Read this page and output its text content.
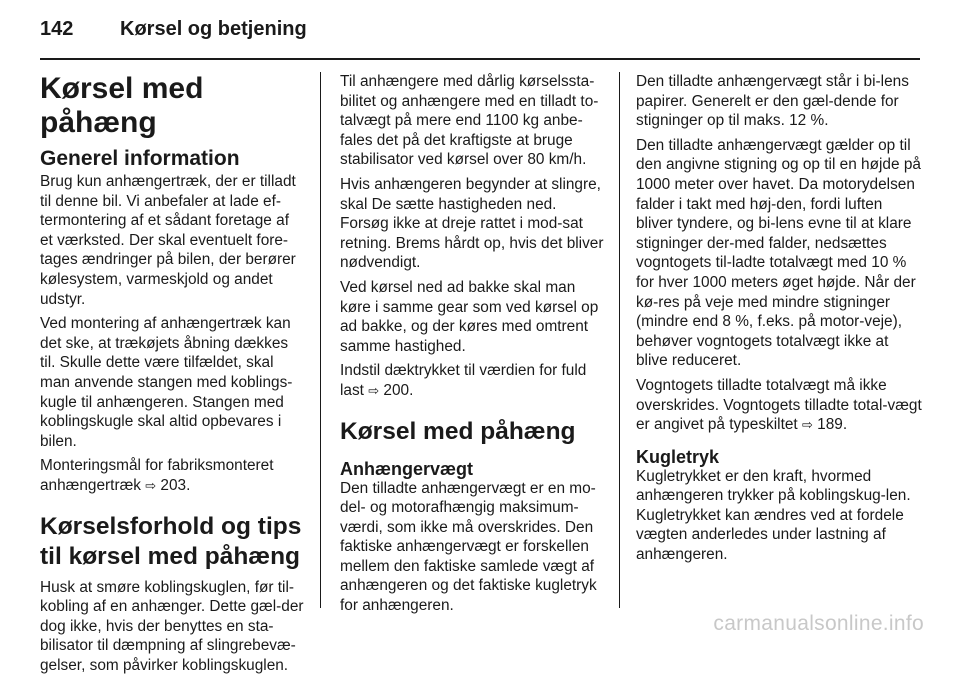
142 Kørsel og betjening
Kørsel med påhæng
Generel information

Brug kun anhængertræk, der er tilladt til denne bil. Vi anbefaler at lade ef-termontering af et sådant foretage af et værksted. Der skal eventuelt fore-tages ændringer på bilen, der berører kølesystem, varmeskjold og andet udstyr.

Ved montering af anhængertræk kan det ske, at trækøjets åbning dækkes til. Skulle dette være tilfældet, skal man anvende stangen med koblings-kugle til anhængeren. Stangen med koblingskugle skal altid opbevares i bilen.

Monteringsmål for fabriksmonteret anhængertræk ⇨ 203.

Kørselsforhold og tips til kørsel med påhæng

Husk at smøre koblingskuglen, før til-kobling af en anhænger. Dette gæl-der dog ikke, hvis der benyttes en sta-bilisator til dæmpning af slingrebevæ-gelser, som påvirker koblingskuglen.

Til anhængere med dårlig kørselssta-bilitet og anhængere med en tilladt to-talvægt på mere end 1100 kg anbe-fales det på det kraftigste at bruge stabilisator ved kørsel over 80 km/h.

Hvis anhængeren begynder at slingre, skal De sætte hastigheden ned. Forsøg ikke at dreje rattet i mod-sat retning. Brems hårdt op, hvis det bliver nødvendigt.

Ved kørsel ned ad bakke skal man køre i samme gear som ved kørsel op ad bakke, og der køres med omtrent samme hastighed.

Indstil dæktrykket til værdien for fuld last ⇨ 200.

Kørsel med påhæng
Anhængervægt

Den tilladte anhængervægt er en mo-del- og motorafhængig maksimum-værdi, som ikke må overskrides. Den faktiske anhængervægt er forskellen mellem den faktiske samlede vægt af anhængeren og det faktiske kugletryk for anhængeren.

Den tilladte anhængervægt står i bi-lens papirer. Generelt er den gæl-dende for stigninger op til maks. 12 %.

Den tilladte anhængervægt gælder op til den angivne stigning og op til en højde på 1000 meter over havet. Da motorydelsen falder i takt med høj-den, fordi luften bliver tyndere, og bi-lens evne til at klare stigninger der-med falder, nedsættes vogntogets til-ladte totalvægt med 10 % for hver 1000 meters øget højde. Når der kø-res på veje med mindre stigninger (mindre end 8 %, f.eks. på motor-veje), behøver vogntogets totalvægt ikke at blive reduceret.

Vogntogets tilladte totalvægt må ikke overskrides. Vogntogets tilladte total-vægt er angivet på typeskiltet ⇨ 189.

Kugletryk

Kugletrykket er den kraft, hvormed anhængeren trykker på koblingskug-len. Kugletrykket kan ændres ved at fordele vægten anderledes under lastning af anhængeren.

carmanualsonline.info
